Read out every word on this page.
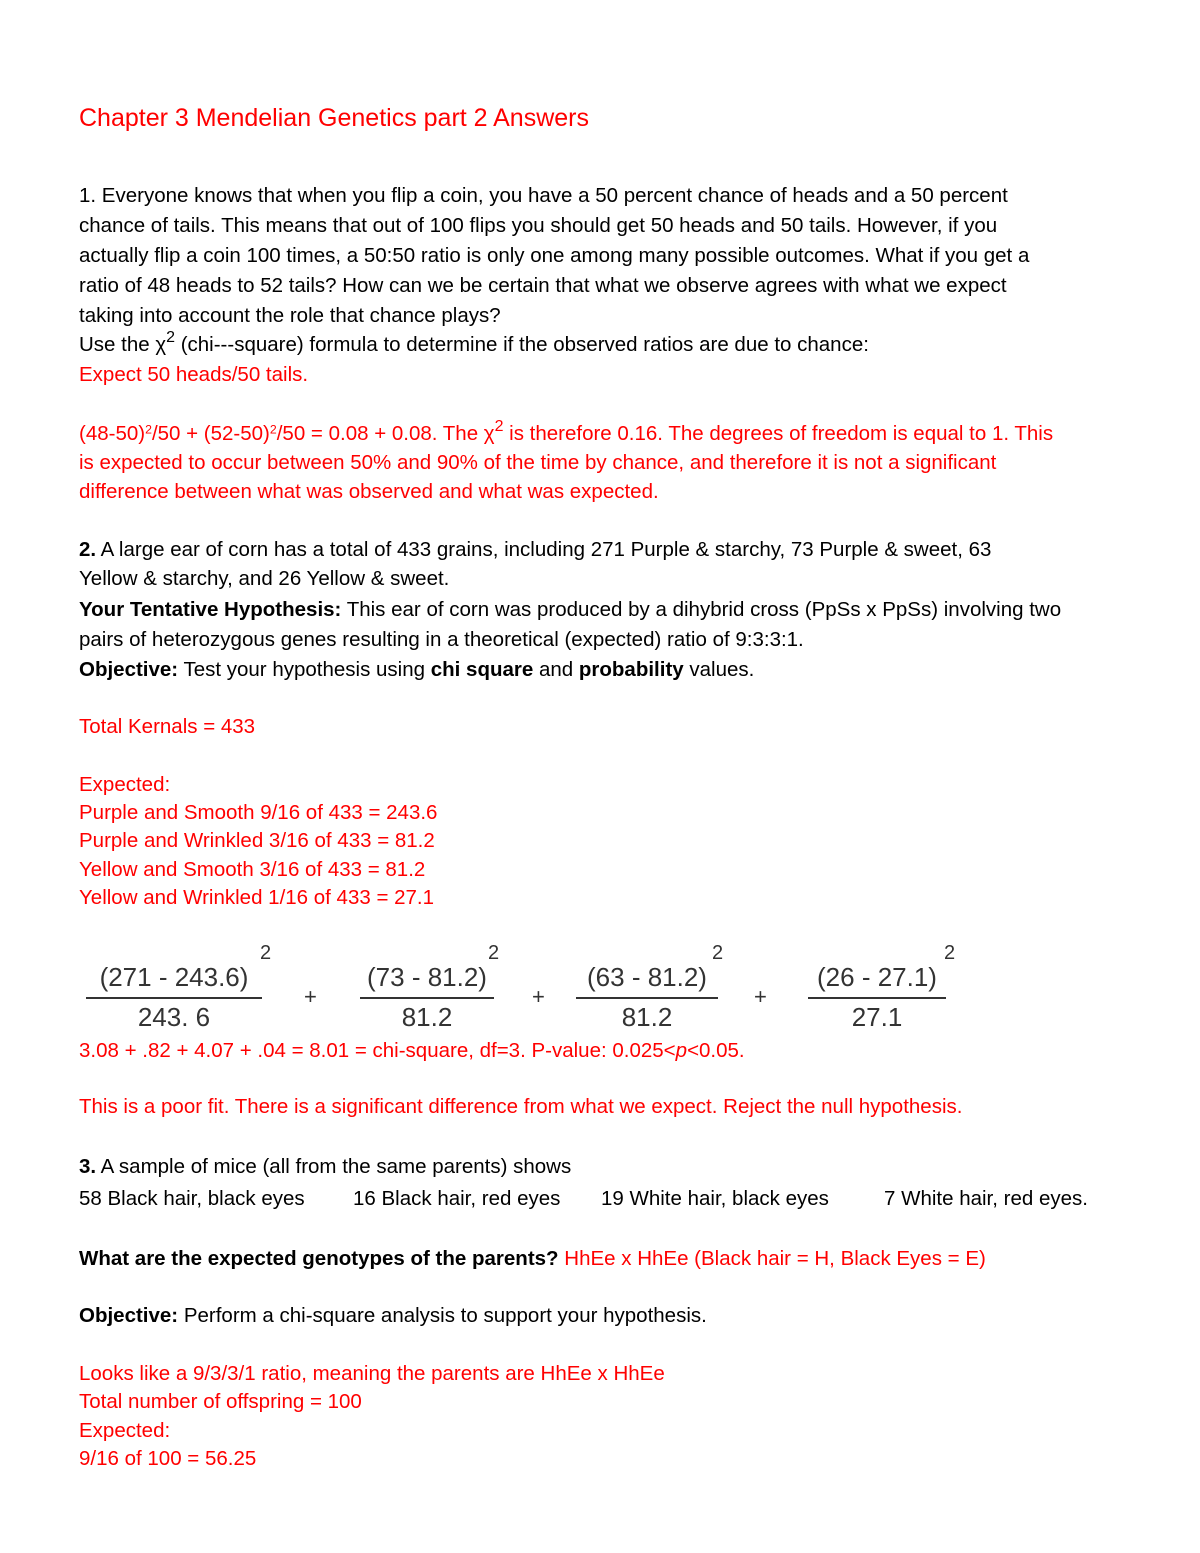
Chapter 3 Mendelian Genetics part 2 Answers
1. Everyone knows that when you flip a coin, you have a 50 percent chance of heads and a 50 percent
chance of tails. This means that out of 100 flips you should get 50 heads and 50 tails. However, if you
actually flip a coin 100 times, a 50:50 ratio is only one among many possible outcomes. What if you get a
ratio of 48 heads to 52 tails? How can we be certain that what we observe agrees with what we expect
taking into account the role that chance plays?
Use the $\chi^2$ (chi---square) formula to determine if the observed ratios are due to chance:
Expect 50 heads/50 tails.
$(48-50)^2/50 + (52-50)^2/50 = 0.08 + 0.08$. The $\chi^2$ is therefore 0.16. The degrees of freedom is equal to 1. This
is expected to occur between 50% and 90% of the time by chance, and therefore it is not a significant
difference between what was observed and what was expected.
2. A large ear of corn has a total of 433 grains, including 271 Purple & starchy, 73 Purple & sweet, 63
Yellow & starchy, and 26 Yellow & sweet.
Your Tentative Hypothesis: This ear of corn was produced by a dihybrid cross (PpSs x PpSs) involving two
pairs of heterozygous genes resulting in a theoretical (expected) ratio of 9:3:3:1.
Objective: Test your hypothesis using chi square and probability values.
Total Kernals = 433
Expected:
Purple and Smooth 9/16 of 433 = 243.6
Purple and Wrinkled 3/16 of 433 = 81.2
Yellow and Smooth 3/16 of 433 = 81.2
Yellow and Wrinkled 1/16 of 433 = 27.1
(271 - 243.6)
2
243. 6
+
(73 - 81.2)
2
81.2
+
(63 - 81.2)
2
81.2
+
(26 - 27.1)
2
27.1
3.08 + .82 + 4.07 + .04 = 8.01 = chi-square, df=3. P-value: 0.025<p<0.05.
This is a poor fit. There is a significant difference from what we expect. Reject the null hypothesis.
3. A sample of mice (all from the same parents) shows
58 Black hair, black eyes 16 Black hair, red eyes 19 White hair, black eyes	7 White hair, red eyes.
What are the expected genotypes of the parents? HhEe x HhEe (Black hair = H, Black Eyes = E)
Objective: Perform a chi-square analysis to support your hypothesis.
Looks like a 9/3/3/1 ratio, meaning the parents are HhEe x HhEe
Total number of offspring = 100
Expected:
9/16 of 100 = 56.25
